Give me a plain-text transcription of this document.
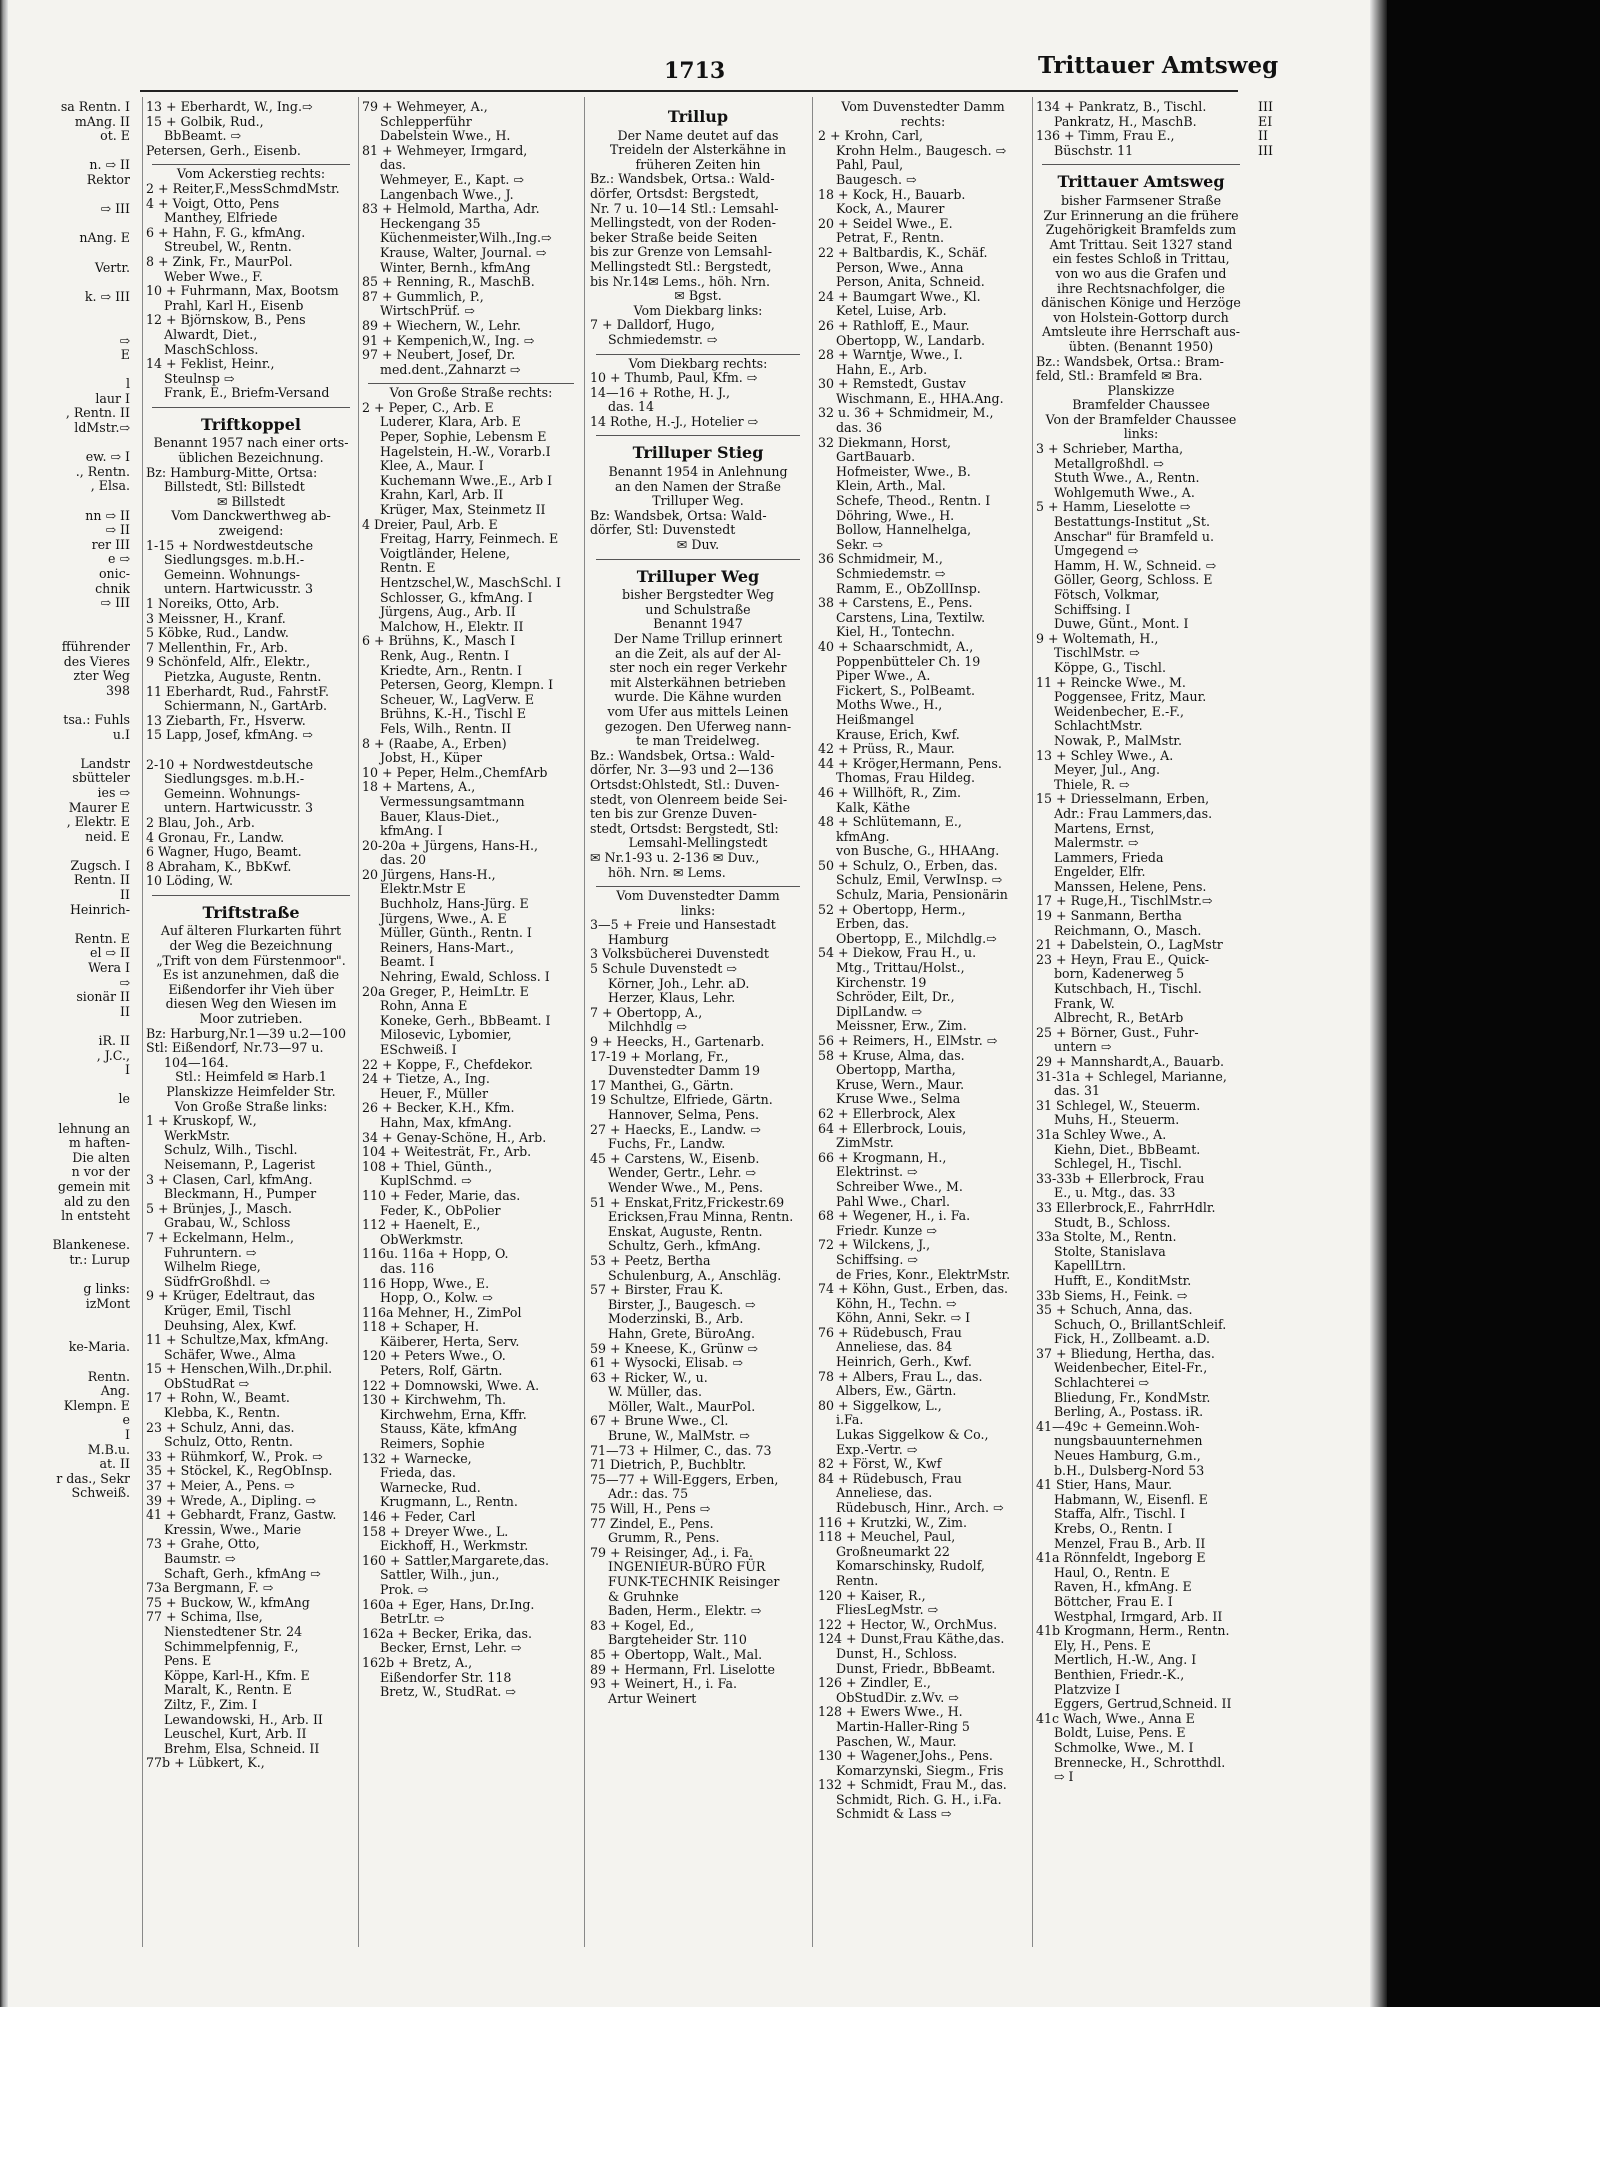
1713	Trittauer Amtsweg
sa Rentn. I
mAng. II
ot. E

n. ⇨ II
Rektor

⇨ III

nAng. E

Vertr.

k. ⇨ III

⇨
E

l
laur I
, Rentn. II
ldMstr.⇨

ew. ⇨ I
., Rentn.
, Elsa.

nn ⇨ II
⇨ II
rer III
e ⇨
onic-
chnik
⇨ III

fführender
des Vieres
zter Weg
398

tsa.: Fuhls
u.I

Landstr
sbütteler
ies ⇨
Maurer E
, Elektr. E
neid. E

Zugsch. I
Rentn. II
II
Heinrich-

Rentn. E
el ⇨ II
Wera I
⇨
sionär II
II

iR. II
, J.C.,
I

le

lehnung an
m haften-
Die alten
n vor der
gemein mit
ald zu den
ln entsteht

Blankenese.
tr.: Lurup

g links:
izMont

ke-Maria.

Rentn.
Ang.
Klempn. E
e
I
M.B.u.
at. II
r das., Sekr
Schweiß.
13 + Eberhardt, W., Ing.⇨
15 + Golbik, Rud.,
BbBeamt. ⇨
Petersen, Gerh., Eisenb.
Vom Ackerstieg rechts:
2 + Reiter,F.,MessSchmdMstr.
4 + Voigt, Otto, Pens
Manthey, Elfriede
6 + Hahn, F. G., kfmAng.
Streubel, W., Rentn.
8 + Zink, Fr., MaurPol.
Weber Wwe., F.
10 + Fuhrmann, Max, Bootsm
Prahl, Karl H., Eisenb
12 + Björnskow, B., Pens
Alwardt, Diet.,
MaschSchloss.
14 + Feklist, Heinr.,
Steulnsp ⇨
Frank, E., Briefm-Versand
Triftkoppel
Benannt 1957 nach einer orts-
üblichen Bezeichnung.
Bz: Hamburg-Mitte, Ortsa:
Billstedt, Stl: Billstedt
✉ Billstedt
Vom Danckwerthweg ab-
zweigend:
1-15 + Nordwestdeutsche
Siedlungsges. m.b.H.-
Gemeinn. Wohnungs-
untern. Hartwicusstr. 3
1 Noreiks, Otto, Arb.
3 Meissner, H., Kranf.
5 Köbke, Rud., Landw.
7 Mellenthin, Fr., Arb.
9 Schönfeld, Alfr., Elektr.,
Pietzka, Auguste, Rentn.
11 Eberhardt, Rud., FahrstF.
Schiermann, N., GartArb.
13 Ziebarth, Fr., Hsverw.
15 Lapp, Josef, kfmAng. ⇨

2-10 + Nordwestdeutsche
Siedlungsges. m.b.H.-
Gemeinn. Wohnungs-
untern. Hartwicusstr. 3
2 Blau, Joh., Arb.
4 Gronau, Fr., Landw.
6 Wagner, Hugo, Beamt.
8 Abraham, K., BbKwf.
10 Löding, W.
Triftstraße
Auf älteren Flurkarten führt
der Weg die Bezeichnung
„Trift von dem Fürstenmoor".
Es ist anzunehmen, daß die
Eißendorfer ihr Vieh über
diesen Weg den Wiesen im
Moor zutrieben.
Bz: Harburg,Nr.1—39 u.2—100
Stl: Eißendorf, Nr.73—97 u.
104—164.
Stl.: Heimfeld ✉ Harb.1
Planskizze Heimfelder Str.
Von Große Straße links:
1 + Kruskopf, W.,
WerkMstr.
Schulz, Wilh., Tischl.
Neisemann, P., Lagerist
3 + Clasen, Carl, kfmAng.
Bleckmann, H., Pumper
5 + Brünjes, J., Masch.
Grabau, W., Schloss
7 + Eckelmann, Helm.,
Fuhruntern. ⇨
Wilhelm Riege,
SüdfrGroßhdl. ⇨
9 + Krüger, Edeltraut, das
Krüger, Emil, Tischl
Deuhsing, Alex, Kwf.
11 + Schultze,Max, kfmAng.
Schäfer, Wwe., Alma
15 + Henschen,Wilh.,Dr.phil.
ObStudRat ⇨
17 + Rohn, W., Beamt.
Klebba, K., Rentn.
23 + Schulz, Anni, das.
Schulz, Otto, Rentn.
33 + Rühmkorf, W., Prok. ⇨
35 + Stöckel, K., RegObInsp.
37 + Meier, A., Pens. ⇨
39 + Wrede, A., Dipling. ⇨
41 + Gebhardt, Franz, Gastw.
Kressin, Wwe., Marie
73 + Grahe, Otto,
Baumstr. ⇨
Schaft, Gerh., kfmAng ⇨
73a Bergmann, F. ⇨
75 + Buckow, W., kfmAng
77 + Schima, Ilse,
Nienstedtener Str. 24
Schimmelpfennig, F.,
Pens. E
Köppe, Karl-H., Kfm. E
Maralt, K., Rentn. E
Ziltz, F., Zim. I
Lewandowski, H., Arb. II
Leuschel, Kurt, Arb. II
Brehm, Elsa, Schneid. II
77b + Lübkert, K.,
79 + Wehmeyer, A.,
Schlepperführ
Dabelstein Wwe., H.
81 + Wehmeyer, Irmgard,
das.
Wehmeyer, E., Kapt. ⇨
Langenbach Wwe., J.
83 + Helmold, Martha, Adr.
Heckengang 35
Küchenmeister,Wilh.,Ing.⇨
Krause, Walter, Journal. ⇨
Winter, Bernh., kfmAng
85 + Renning, R., MaschB.
87 + Gummlich, P.,
WirtschPrüf. ⇨
89 + Wiechern, W., Lehr.
91 + Kempenich,W., Ing. ⇨
97 + Neubert, Josef, Dr.
med.dent.,Zahnarzt ⇨
Von Große Straße rechts:
2 + Peper, C., Arb. E
Luderer, Klara, Arb. E
Peper, Sophie, Lebensm E
Hagelstein, H.-W., Vorarb.I
Klee, A., Maur. I
Kuchemann Wwe.,E., Arb I
Krahn, Karl, Arb. II
Krüger, Max, Steinmetz II
4 Dreier, Paul, Arb. E
Freitag, Harry, Feinmech. E
Voigtländer, Helene,
Rentn. E
Hentzschel,W., MaschSchl. I
Schlosser, G., kfmAng. I
Jürgens, Aug., Arb. II
Malchow, H., Elektr. II
6 + Brühns, K., Masch I
Renk, Aug., Rentn. I
Kriedte, Arn., Rentn. I
Petersen, Georg, Klempn. I
Scheuer, W., LagVerw. E
Brühns, K.-H., Tischl E
Fels, Wilh., Rentn. II
8 + (Raabe, A., Erben)
Jobst, H., Küper
10 + Peper, Helm.,ChemfArb
18 + Martens, A.,
Vermessungsamtmann
Bauer, Klaus-Diet.,
kfmAng. I
20-20a + Jürgens, Hans-H.,
das. 20
20 Jürgens, Hans-H.,
Elektr.Mstr E
Buchholz, Hans-Jürg. E
Jürgens, Wwe., A. E
Müller, Günth., Rentn. I
Reiners, Hans-Mart.,
Beamt. I
Nehring, Ewald, Schloss. I
20a Greger, P., HeimLtr. E
Rohn, Anna E
Koneke, Gerh., BbBeamt. I
Milosevic, Lybomier,
ESchweiß. I
22 + Koppe, F., Chefdekor.
24 + Tietze, A., Ing.
Heuer, F., Müller
26 + Becker, K.H., Kfm.
Hahn, Max, kfmAng.
34 + Genay-Schöne, H., Arb.
104 + Weitesträt, Fr., Arb.
108 + Thiel, Günth.,
KuplSchmd. ⇨
110 + Feder, Marie, das.
Feder, K., ObPolier
112 + Haenelt, E.,
ObWerkmstr.
116u. 116a + Hopp, O.
das. 116
116 Hopp, Wwe., E.
Hopp, O., Kolw. ⇨
116a Mehner, H., ZimPol
118 + Schaper, H.
Käiberer, Herta, Serv.
120 + Peters Wwe., O.
Peters, Rolf, Gärtn.
122 + Domnowski, Wwe. A.
130 + Kirchwehm, Th.
Kirchwehm, Erna, Kffr.
Stauss, Käte, kfmAng
Reimers, Sophie
132 + Warnecke,
Frieda, das.
Warnecke, Rud.
Krugmann, L., Rentn.
146 + Feder, Carl
158 + Dreyer Wwe., L.
Eickhoff, H., Werkmstr.
160 + Sattler,Margarete,das.
Sattler, Wilh., jun.,
Prok. ⇨
160a + Eger, Hans, Dr.Ing.
BetrLtr. ⇨
162a + Becker, Erika, das.
Becker, Ernst, Lehr. ⇨
162b + Bretz, A.,
Eißendorfer Str. 118
Bretz, W., StudRat. ⇨
Trillup
Der Name deutet auf das
Treideln der Alsterkähne in
früheren Zeiten hin
Bz.: Wandsbek, Ortsa.: Wald-
dörfer, Ortsdst: Bergstedt,
Nr. 7 u. 10—14 Stl.: Lemsahl-
Mellingstedt, von der Roden-
beker Straße beide Seiten
bis zur Grenze von Lemsahl-
Mellingstedt Stl.: Bergstedt,
bis Nr.14✉ Lems., höh. Nrn.
✉ Bgst.
Vom Diekbarg links:
7 + Dalldorf, Hugo,
Schmiedemstr. ⇨
Vom Diekbarg rechts:
10 + Thumb, Paul, Kfm. ⇨
14—16 + Rothe, H. J.,
das. 14
14 Rothe, H.-J., Hotelier ⇨
Trilluper Stieg
Benannt 1954 in Anlehnung
an den Namen der Straße
Trilluper Weg.
Bz: Wandsbek, Ortsa: Wald-
dörfer, Stl: Duvenstedt
✉ Duv.
Trilluper Weg
bisher Bergstedter Weg
und Schulstraße
Benannt 1947
Der Name Trillup erinnert
an die Zeit, als auf der Al-
ster noch ein reger Verkehr
mit Alsterkähnen betrieben
wurde. Die Kähne wurden
vom Ufer aus mittels Leinen
gezogen. Den Uferweg nann-
te man Treidelweg.
Bz.: Wandsbek, Ortsa.: Wald-
dörfer, Nr. 3—93 und 2—136
Ortsdst:Ohlstedt, Stl.: Duven-
stedt, von Olenreem beide Sei-
ten bis zur Grenze Duven-
stedt, Ortsdst: Bergstedt, Stl:
Lemsahl-Mellingstedt
✉ Nr.1-93 u. 2-136 ✉ Duv.,
höh. Nrn. ✉ Lems.
Vom Duvenstedter Damm
links:
3—5 + Freie und Hansestadt
Hamburg
3 Volksbücherei Duvenstedt
5 Schule Duvenstedt ⇨
Körner, Joh., Lehr. aD.
Herzer, Klaus, Lehr.
7 + Obertopp, A.,
Milchhdlg ⇨
9 + Heecks, H., Gartenarb.
17-19 + Morlang, Fr.,
Duvenstedter Damm 19
17 Manthei, G., Gärtn.
19 Schultze, Elfriede, Gärtn.
Hannover, Selma, Pens.
27 + Haecks, E., Landw. ⇨
Fuchs, Fr., Landw.
45 + Carstens, W., Eisenb.
Wender, Gertr., Lehr. ⇨
Wender Wwe., M., Pens.
51 + Enskat,Fritz,Frickestr.69
Ericksen,Frau Minna, Rentn.
Enskat, Auguste, Rentn.
Schultz, Gerh., kfmAng.
53 + Peetz, Bertha
Schulenburg, A., Anschläg.
57 + Birster, Frau K.
Birster, J., Baugesch. ⇨
Moderzinski, B., Arb.
Hahn, Grete, BüroAng.
59 + Kneese, K., Grünw ⇨
61 + Wysocki, Elisab. ⇨
63 + Ricker, W., u.
W. Müller, das.
Möller, Walt., MaurPol.
67 + Brune Wwe., Cl.
Brune, W., MalMstr. ⇨
71—73 + Hilmer, C., das. 73
71 Dietrich, P., Buchbltr.
75—77 + Will-Eggers, Erben,
Adr.: das. 75
75 Will, H., Pens ⇨
77 Zindel, E., Pens.
Grumm, R., Pens.
79 + Reisinger, Ad., i. Fa.
INGENIEUR-BÜRO FÜR
FUNK-TECHNIK Reisinger
& Gruhnke
Baden, Herm., Elektr. ⇨
83 + Kogel, Ed.,
Bargteheider Str. 110
85 + Obertopp, Walt., Mal.
89 + Hermann, Frl. Liselotte
93 + Weinert, H., i. Fa.
Artur Weinert
Vom Duvenstedter Damm
rechts:
2 + Krohn, Carl,
Krohn Helm., Baugesch. ⇨
Pahl, Paul,
Baugesch. ⇨
18 + Kock, H., Bauarb.
Kock, A., Maurer
20 + Seidel Wwe., E.
Petrat, F., Rentn.
22 + Baltbardis, K., Schäf.
Person, Wwe., Anna
Person, Anita, Schneid.
24 + Baumgart Wwe., Kl.
Ketel, Luise, Arb.
26 + Rathloff, E., Maur.
Obertopp, W., Landarb.
28 + Warntje, Wwe., I.
Hahn, E., Arb.
30 + Remstedt, Gustav
Wischmann, E., HHA.Ang.
32 u. 36 + Schmidmeir, M.,
das. 36
32 Diekmann, Horst,
GartBauarb.
Hofmeister, Wwe., B.
Klein, Arth., Mal.
Schefe, Theod., Rentn. I
Döhring, Wwe., H.
Bollow, Hannelhelga,
Sekr. ⇨
36 Schmidmeir, M.,
Schmiedemstr. ⇨
Ramm, E., ObZollInsp.
38 + Carstens, E., Pens.
Carstens, Lina, Textilw.
Kiel, H., Tontechn.
40 + Schaarschmidt, A.,
Poppenbütteler Ch. 19
Piper Wwe., A.
Fickert, S., PolBeamt.
Moths Wwe., H.,
Heißmangel
Krause, Erich, Kwf.
42 + Prüss, R., Maur.
44 + Kröger,Hermann, Pens.
Thomas, Frau Hildeg.
46 + Willhöft, R., Zim.
Kalk, Käthe
48 + Schlütemann, E.,
kfmAng.
von Busche, G., HHAAng.
50 + Schulz, O., Erben, das.
Schulz, Emil, VerwInsp. ⇨
Schulz, Maria, Pensionärin
52 + Obertopp, Herm.,
Erben, das.
Obertopp, E., Milchdlg.⇨
54 + Diekow, Frau H., u.
Mtg., Trittau/Holst.,
Kirchenstr. 19
Schröder, Eilt, Dr.,
DiplLandw. ⇨
Meissner, Erw., Zim.
56 + Reimers, H., ElMstr. ⇨
58 + Kruse, Alma, das.
Obertopp, Martha,
Kruse, Wern., Maur.
Kruse Wwe., Selma
62 + Ellerbrock, Alex
64 + Ellerbrock, Louis,
ZimMstr.
66 + Krogmann, H.,
Elektrinst. ⇨
Schreiber Wwe., M.
Pahl Wwe., Charl.
68 + Wegener, H., i. Fa.
Friedr. Kunze ⇨
72 + Wilckens, J.,
Schiffsing. ⇨
de Fries, Konr., ElektrMstr.
74 + Köhn, Gust., Erben, das.
Köhn, H., Techn. ⇨
Köhn, Anni, Sekr. ⇨ I
76 + Rüdebusch, Frau
Anneliese, das. 84
Heinrich, Gerh., Kwf.
78 + Albers, Frau L., das.
Albers, Ew., Gärtn.
80 + Siggelkow, L.,
i.Fa.
Lukas Siggelkow & Co.,
Exp.-Vertr. ⇨
82 + Först, W., Kwf
84 + Rüdebusch, Frau
Anneliese, das.
Rüdebusch, Hinr., Arch. ⇨
116 + Krutzki, W., Zim.
118 + Meuchel, Paul,
Großneumarkt 22
Komarschinsky, Rudolf,
Rentn.
120 + Kaiser, R.,
FliesLegMstr. ⇨
122 + Hector, W., OrchMus.
124 + Dunst,Frau Käthe,das.
Dunst, H., Schloss.
Dunst, Friedr., BbBeamt.
126 + Zindler, E.,
ObStudDir. z.Wv. ⇨
128 + Ewers Wwe., H.
Martin-Haller-Ring 5
Paschen, W., Maur.
130 + Wagener,Johs., Pens.
Komarzynski, Siegm., Fris
132 + Schmidt, Frau M., das.
Schmidt, Rich. G. H., i.Fa.
Schmidt & Lass ⇨
134 + Pankratz, B., Tischl.
Pankratz, H., MaschB.
136 + Timm, Frau E.,
Büschstr. 11
Trittauer Amtsweg
bisher Farmsener Straße
Zur Erinnerung an die frühere
Zugehörigkeit Bramfelds zum
Amt Trittau. Seit 1327 stand
ein festes Schloß in Trittau,
von wo aus die Grafen und
ihre Rechtsnachfolger, die
dänischen Könige und Herzöge
von Holstein-Gottorp durch
Amtsleute ihre Herrschaft aus-
übten. (Benannt 1950)
Bz.: Wandsbek, Ortsa.: Bram-
feld, Stl.: Bramfeld ✉ Bra.
Planskizze
Bramfelder Chaussee
Von der Bramfelder Chaussee
links:
3 + Schrieber, Martha,
Metallgroßhdl. ⇨
Stuth Wwe., A., Rentn.
Wohlgemuth Wwe., A.
5 + Hamm, Lieselotte ⇨
Bestattungs-Institut „St.
Anschar" für Bramfeld u.
Umgegend ⇨
Hamm, H. W., Schneid. ⇨
Göller, Georg, Schloss. E
Fötsch, Volkmar,
Schiffsing. I
Duwe, Günt., Mont. I
9 + Woltemath, H.,
TischlMstr. ⇨
Köppe, G., Tischl.
11 + Reincke Wwe., M.
Poggensee, Fritz, Maur.
Weidenbecher, E.-F.,
SchlachtMstr.
Nowak, P., MalMstr.
13 + Schley Wwe., A.
Meyer, Jul., Ang.
Thiele, R. ⇨
15 + Driesselmann, Erben,
Adr.: Frau Lammers,das.
Martens, Ernst,
Malermstr. ⇨
Lammers, Frieda
Engelder, Elfr.
Manssen, Helene, Pens.
17 + Ruge,H., TischlMstr.⇨
19 + Sanmann, Bertha
Reichmann, O., Masch.
21 + Dabelstein, O., LagMstr
23 + Heyn, Frau E., Quick-
born, Kadenerweg 5
Kutschbach, H., Tischl.
Frank, W.
Albrecht, R., BetArb
25 + Börner, Gust., Fuhr-
untern ⇨
29 + Mannshardt,A., Bauarb.
31-31a + Schlegel, Marianne,
das. 31
31 Schlegel, W., Steuerm.
Muhs, H., Steuerm.
31a Schley Wwe., A.
Kiehn, Diet., BbBeamt.
Schlegel, H., Tischl.
33-33b + Ellerbrock, Frau
E., u. Mtg., das. 33
33 Ellerbrock,E., FahrrHdlr.
Studt, B., Schloss.
33a Stolte, M., Rentn.
Stolte, Stanislava
KapellLtrn.
Hufft, E., KonditMstr.
33b Siems, H., Feink. ⇨
35 + Schuch, Anna, das.
Schuch, O., BrillantSchleif.
Fick, H., Zollbeamt. a.D.
37 + Bliedung, Hertha, das.
Weidenbecher, Eitel-Fr.,
Schlachterei ⇨
Bliedung, Fr., KondMstr.
Berling, A., Postass. iR.
41—49c + Gemeinn.Woh-
nungsbauunternehmen
Neues Hamburg, G.m.,
b.H., Dulsberg-Nord 53
41 Stier, Hans, Maur.
Habmann, W., Eisenfl. E
Staffa, Alfr., Tischl. I
Krebs, O., Rentn. I
Menzel, Frau B., Arb. II
41a Rönnfeldt, Ingeborg E
Haul, O., Rentn. E
Raven, H., kfmAng. E
Böttcher, Frau E. I
Westphal, Irmgard, Arb. II
41b Krogmann, Herm., Rentn.
Ely, H., Pens. E
Mertlich, H.-W., Ang. I
Benthien, Friedr.-K.,
Platzvize I
Eggers, Gertrud,Schneid. II
41c Wach, Wwe., Anna E
Boldt, Luise, Pens. E
Schmolke, Wwe., M. I
Brennecke, H., Schrotthdl.
⇨ I
III
EI
II
III
